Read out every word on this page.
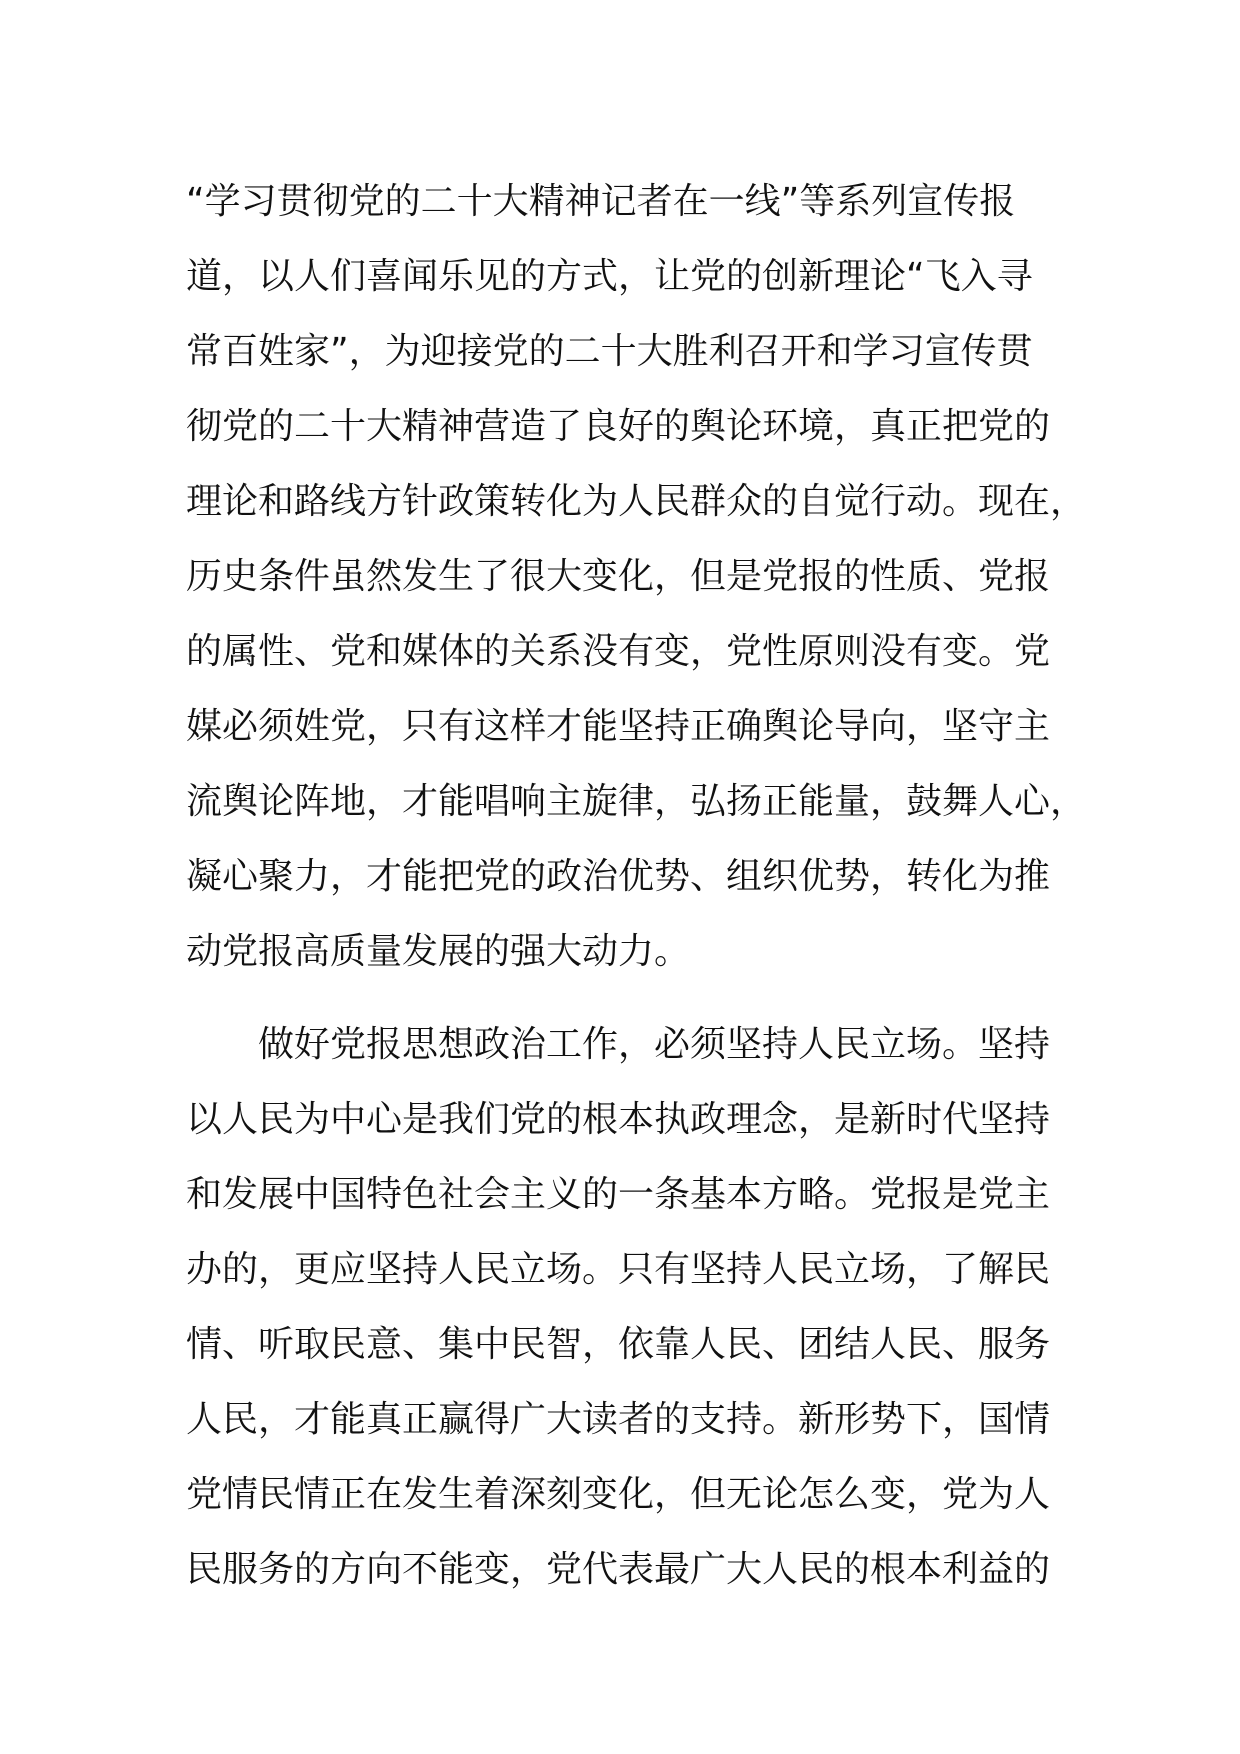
“学习贯彻党的二十大精神记者在一线”等系列宣传报
道，以人们喜闻乐见的方式，让党的创新理论“飞入寻
常百姓家”，为迎接党的二十大胜利召开和学习宣传贯
彻党的二十大精神营造了良好的舆论环境，真正把党的
理论和路线方针政策转化为人民群众的自觉行动。现在，
历史条件虽然发生了很大变化，但是党报的性质、党报
的属性、党和媒体的关系没有变，党性原则没有变。党
媒必须姓党，只有这样才能坚持正确舆论导向，坚守主
流舆论阵地，才能唱响主旋律，弘扬正能量，鼓舞人心，
凝心聚力，才能把党的政治优势、组织优势，转化为推
动党报高质量发展的强大动力。
　　做好党报思想政治工作，必须坚持人民立场。坚持
以人民为中心是我们党的根本执政理念，是新时代坚持
和发展中国特色社会主义的一条基本方略。党报是党主
办的，更应坚持人民立场。只有坚持人民立场，了解民
情、听取民意、集中民智，依靠人民、团结人民、服务
人民，才能真正赢得广大读者的支持。新形势下，国情
党情民情正在发生着深刻变化，但无论怎么变，党为人
民服务的方向不能变，党代表最广大人民的根本利益的
